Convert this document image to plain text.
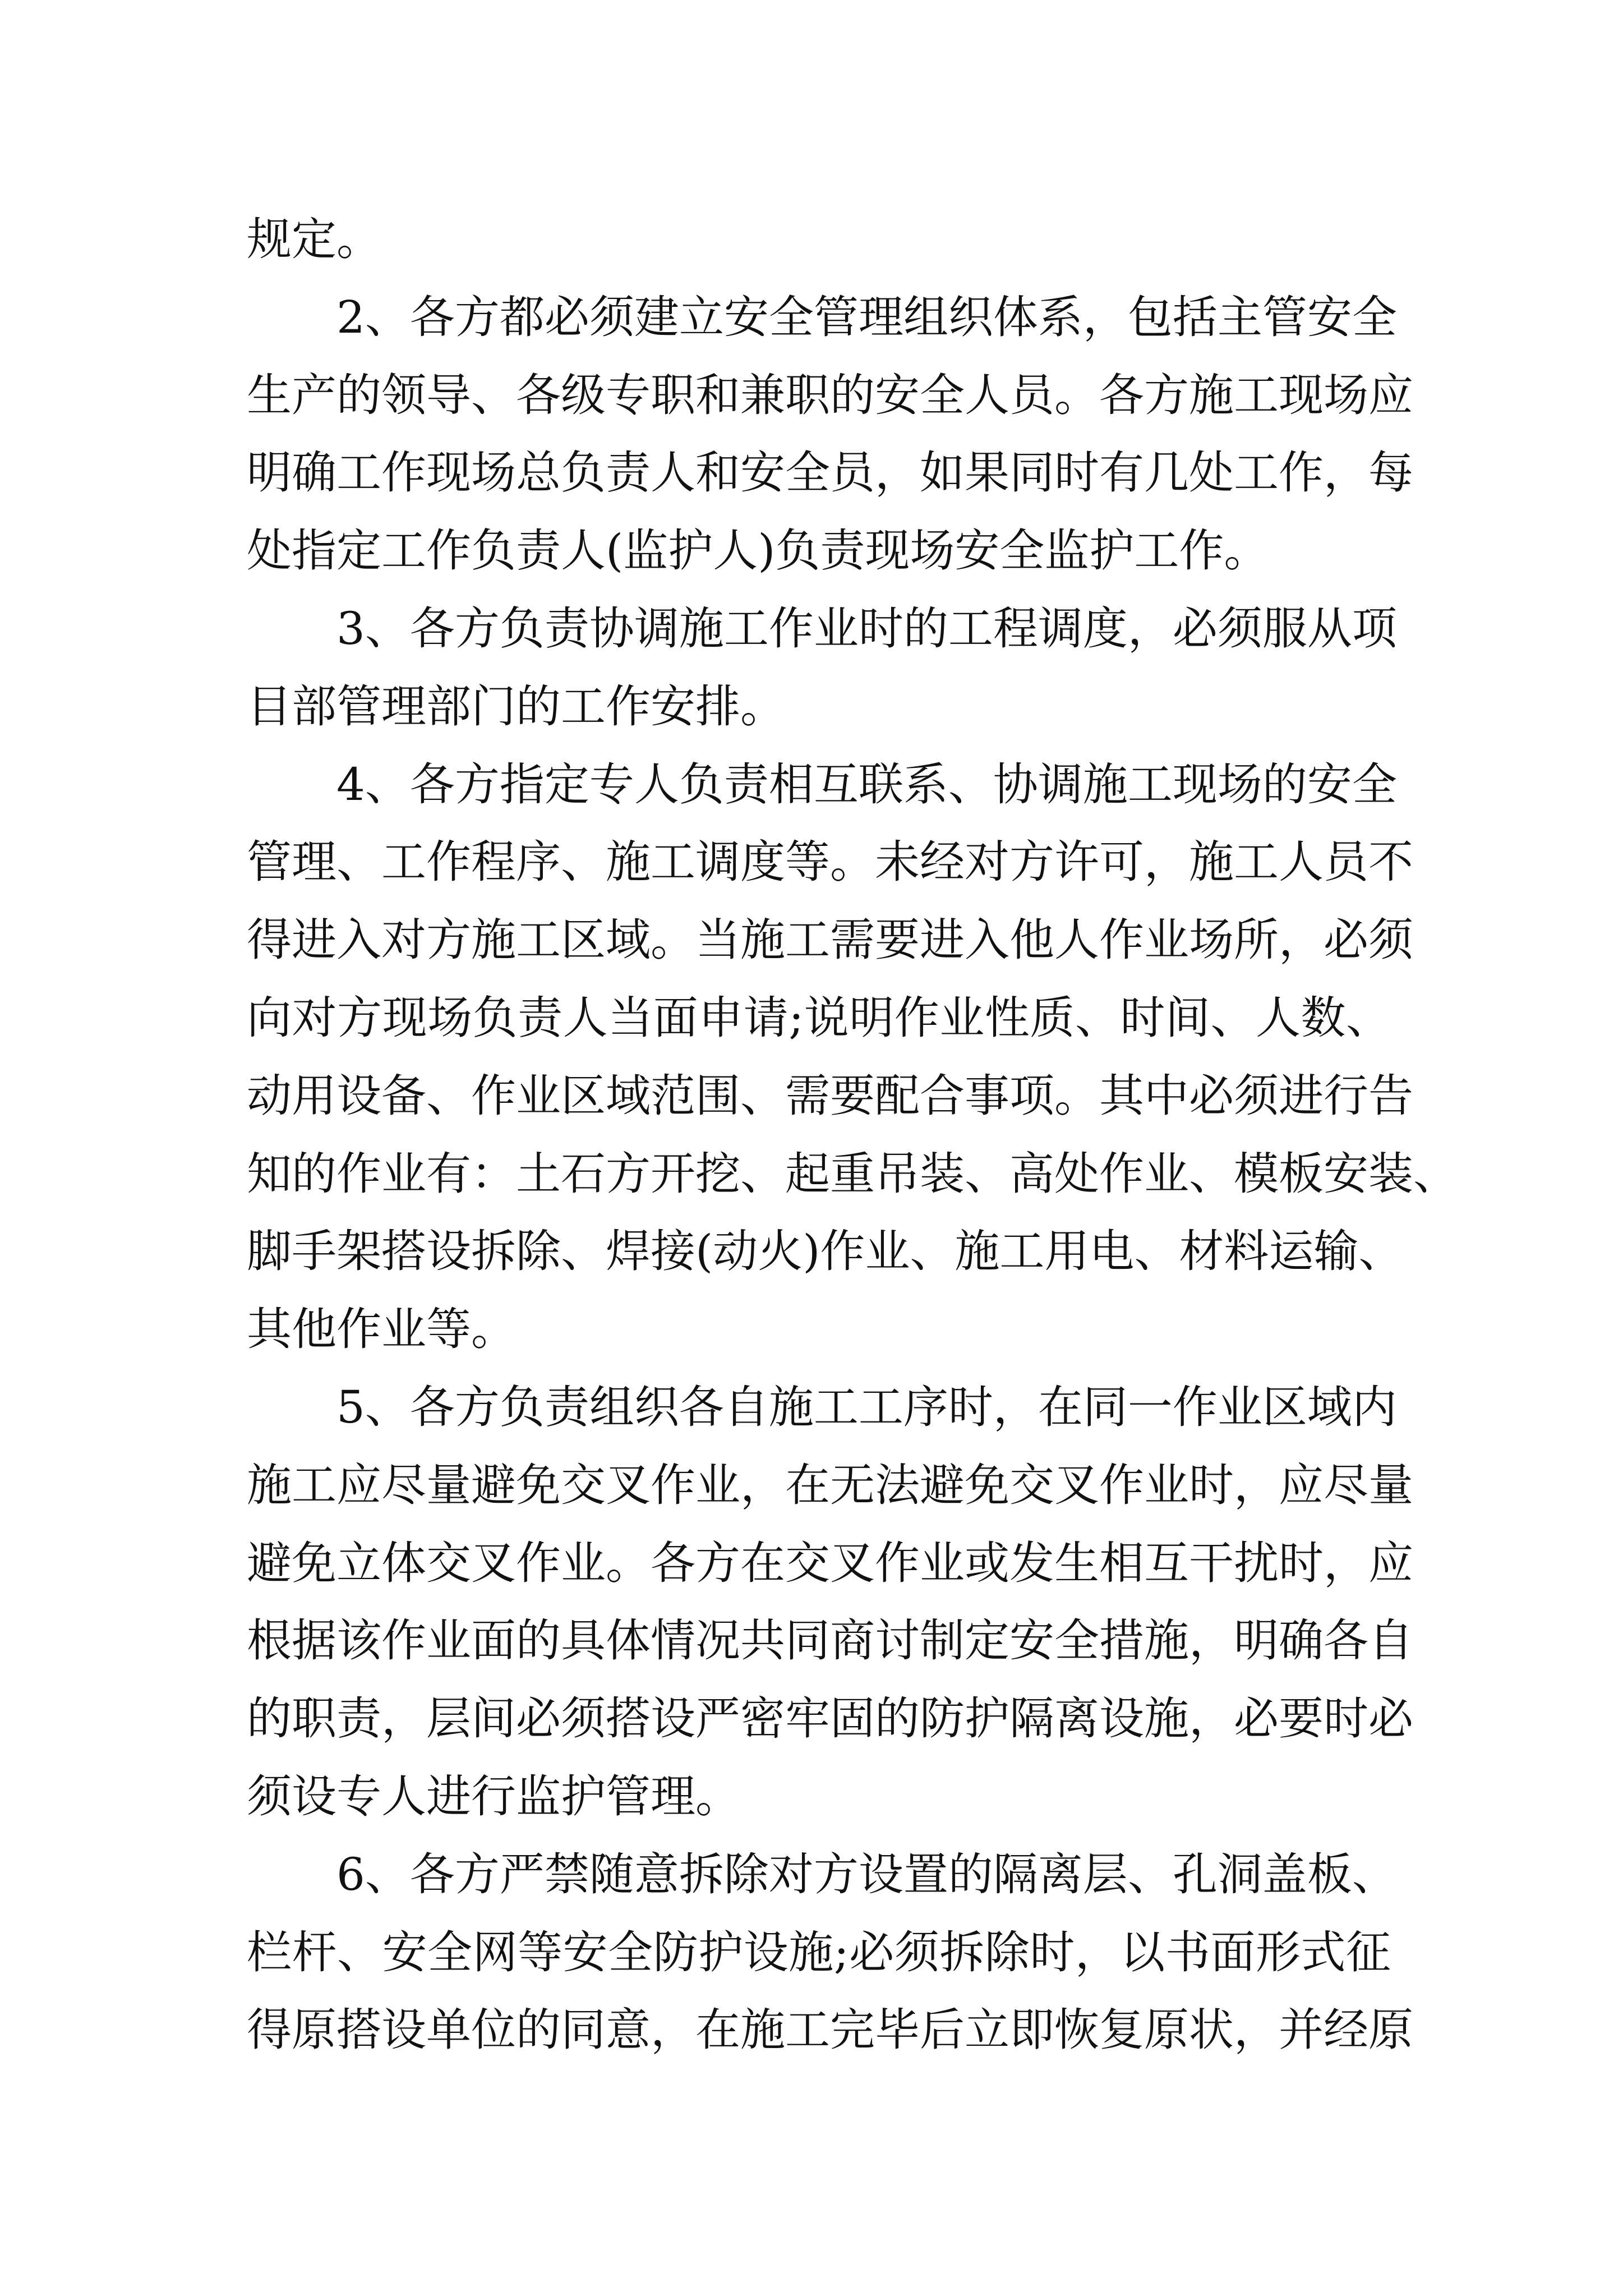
规定。
2、各方都必须建立安全管理组织体系，包括主管安全
生产的领导、各级专职和兼职的安全人员。各方施工现场应
明确工作现场总负责人和安全员，如果同时有几处工作，每
处指定工作负责人(监护人)负责现场安全监护工作。
3、各方负责协调施工作业时的工程调度，必须服从项
目部管理部门的工作安排。
4、各方指定专人负责相互联系、协调施工现场的安全
管理、工作程序、施工调度等。未经对方许可，施工人员不
得进入对方施工区域。当施工需要进入他人作业场所，必须
向对方现场负责人当面申请;说明作业性质、时间、人数、
动用设备、作业区域范围、需要配合事项。其中必须进行告
知的作业有：土石方开挖、起重吊装、高处作业、模板安装、
脚手架搭设拆除、焊接(动火)作业、施工用电、材料运输、
其他作业等。
5、各方负责组织各自施工工序时，在同一作业区域内
施工应尽量避免交叉作业，在无法避免交叉作业时，应尽量
避免立体交叉作业。各方在交叉作业或发生相互干扰时，应
根据该作业面的具体情况共同商讨制定安全措施，明确各自
的职责，层间必须搭设严密牢固的防护隔离设施，必要时必
须设专人进行监护管理。
6、各方严禁随意拆除对方设置的隔离层、孔洞盖板、
栏杆、安全网等安全防护设施;必须拆除时，以书面形式征
得原搭设单位的同意，在施工完毕后立即恢复原状，并经原
